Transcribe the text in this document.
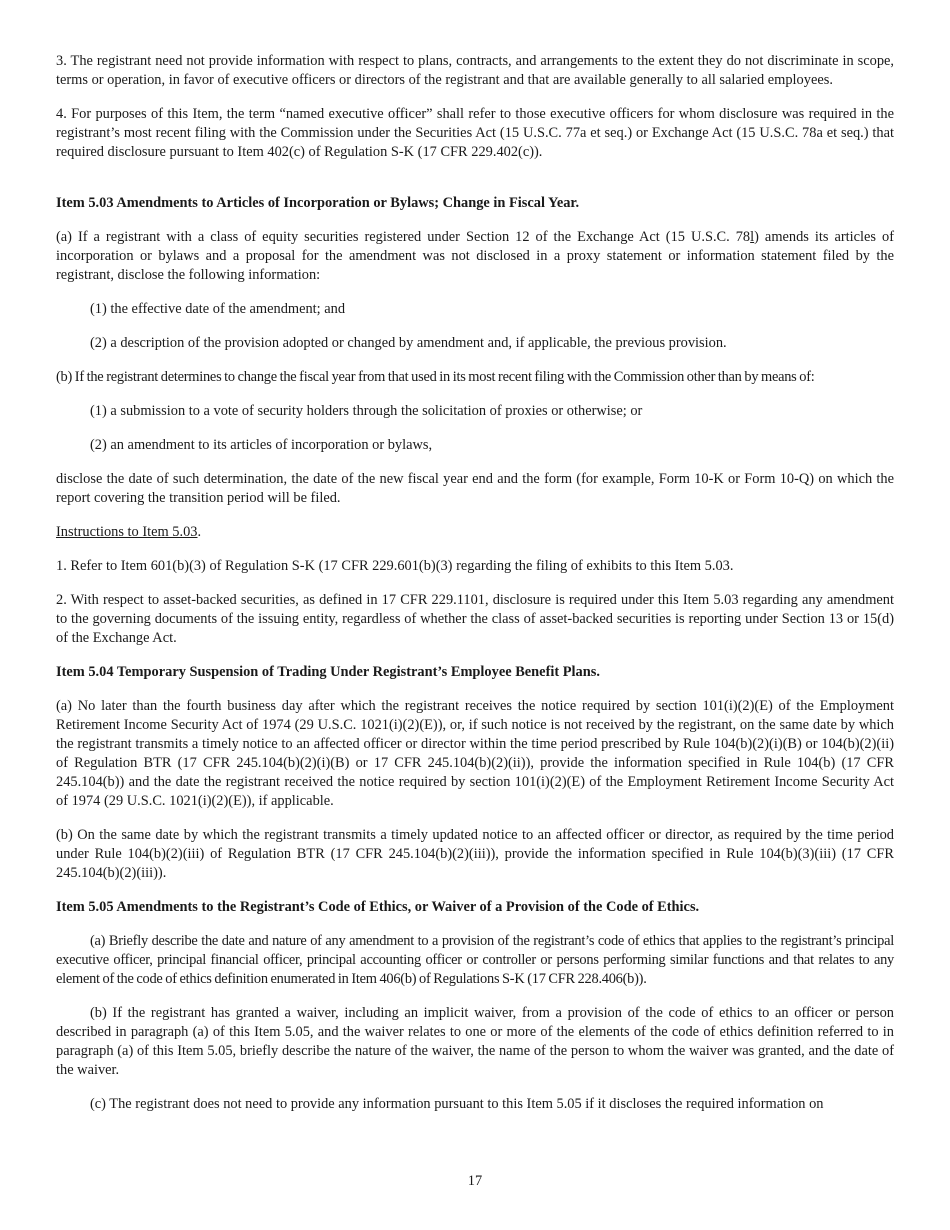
3. The registrant need not provide information with respect to plans, contracts, and arrangements to the extent they do not discriminate in scope, terms or operation, in favor of executive officers or directors of the registrant and that are available generally to all salaried employees.

4. For purposes of this Item, the term “named executive officer” shall refer to those executive officers for whom disclosure was required in the registrant’s most recent filing with the Commission under the Securities Act (15 U.S.C. 77a et seq.) or Exchange Act (15 U.S.C. 78a et seq.) that required disclosure pursuant to Item 402(c) of Regulation S-K (17 CFR 229.402(c)).

Item 5.03 Amendments to Articles of Incorporation or Bylaws; Change in Fiscal Year.

(a) If a registrant with a class of equity securities registered under Section 12 of the Exchange Act (15 U.S.C. 78l) amends its articles of incorporation or bylaws and a proposal for the amendment was not disclosed in a proxy statement or information statement filed by the registrant, disclose the following information:

(1) the effective date of the amendment; and

(2) a description of the provision adopted or changed by amendment and, if applicable, the previous provision.

(b) If the registrant determines to change the fiscal year from that used in its most recent filing with the Commission other than by means of:

(1) a submission to a vote of security holders through the solicitation of proxies or otherwise; or

(2) an amendment to its articles of incorporation or bylaws,

disclose the date of such determination, the date of the new fiscal year end and the form (for example, Form 10-K or Form 10-Q) on which the report covering the transition period will be filed.

Instructions to Item 5.03.

1. Refer to Item 601(b)(3) of Regulation S-K (17 CFR 229.601(b)(3) regarding the filing of exhibits to this Item 5.03.

2. With respect to asset-backed securities, as defined in 17 CFR 229.1101, disclosure is required under this Item 5.03 regarding any amendment to the governing documents of the issuing entity, regardless of whether the class of asset-backed securities is reporting under Section 13 or 15(d) of the Exchange Act.

Item 5.04 Temporary Suspension of Trading Under Registrant’s Employee Benefit Plans.

(a) No later than the fourth business day after which the registrant receives the notice required by section 101(i)(2)(E) of the Employment Retirement Income Security Act of 1974 (29 U.S.C. 1021(i)(2)(E)), or, if such notice is not received by the registrant, on the same date by which the registrant transmits a timely notice to an affected officer or director within the time period prescribed by Rule 104(b)(2)(i)(B) or 104(b)(2)(ii) of Regulation BTR (17 CFR 245.104(b)(2)(i)(B) or 17 CFR 245.104(b)(2)(ii)), provide the information specified in Rule 104(b) (17 CFR 245.104(b)) and the date the registrant received the notice required by section 101(i)(2)(E) of the Employment Retirement Income Security Act of 1974 (29 U.S.C. 1021(i)(2)(E)), if applicable.

(b) On the same date by which the registrant transmits a timely updated notice to an affected officer or director, as required by the time period under Rule 104(b)(2)(iii) of Regulation BTR (17 CFR 245.104(b)(2)(iii)), provide the information specified in Rule 104(b)(3)(iii) (17 CFR 245.104(b)(2)(iii)).

Item 5.05 Amendments to the Registrant’s Code of Ethics, or Waiver of a Provision of the Code of Ethics.

(a) Briefly describe the date and nature of any amendment to a provision of the registrant’s code of ethics that applies to the registrant’s principal executive officer, principal financial officer, principal accounting officer or controller or persons performing similar functions and that relates to any element of the code of ethics definition enumerated in Item 406(b) of Regulations S-K (17 CFR 228.406(b)).

(b) If the registrant has granted a waiver, including an implicit waiver, from a provision of the code of ethics to an officer or person described in paragraph (a) of this Item 5.05, and the waiver relates to one or more of the elements of the code of ethics definition referred to in paragraph (a) of this Item 5.05, briefly describe the nature of the waiver, the name of the person to whom the waiver was granted, and the date of the waiver.

(c) The registrant does not need to provide any information pursuant to this Item 5.05 if it discloses the required information on

17
